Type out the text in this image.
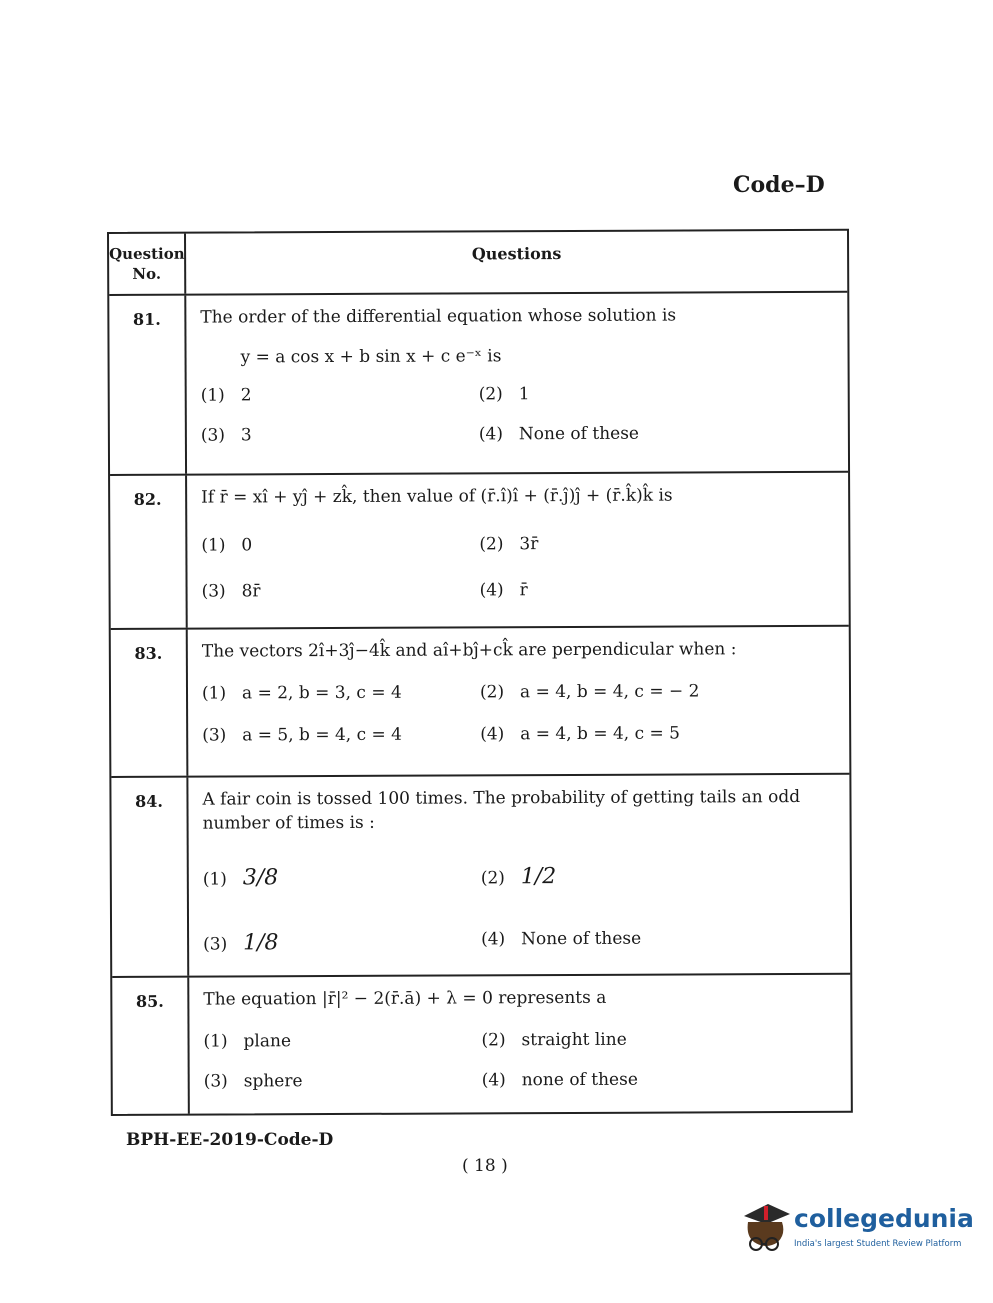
Code–D
Question
No.
Questions
81.	The order of the differential equation whose solution is
y = a cos x + b sin x + c e⁻ˣ is
(1) 2	(2) 1
(3) 3	(4) None of these
82.	If r̄ = xî + yĵ + zk̂, then value of (r̄.î)î + (r̄.ĵ)ĵ + (r̄.k̂)k̂ is
(1) 0	(2) 3r̄
(3) 8r̄	(4) r̄
83.	The vectors 2î+3ĵ−4k̂ and aî+bĵ+ck̂ are perpendicular when :
(1) a = 2, b = 3, c = 4	(2) a = 4, b = 4, c = − 2
(3) a = 5, b = 4, c = 4	(4) a = 4, b = 4, c = 5
84.	A fair coin is tossed 100 times. The probability of getting tails an odd number of times is :
(1) 3/8	(2) 1/2
(3) 1/8	(4) None of these
85.	The equation |r̄|² − 2(r̄.ā) + λ = 0 represents a
(1) plane	(2) straight line
(3) sphere	(4) none of these
BPH-EE-2019-Code-D
( 18 )
collegedunia
India's largest Student Review Platform
